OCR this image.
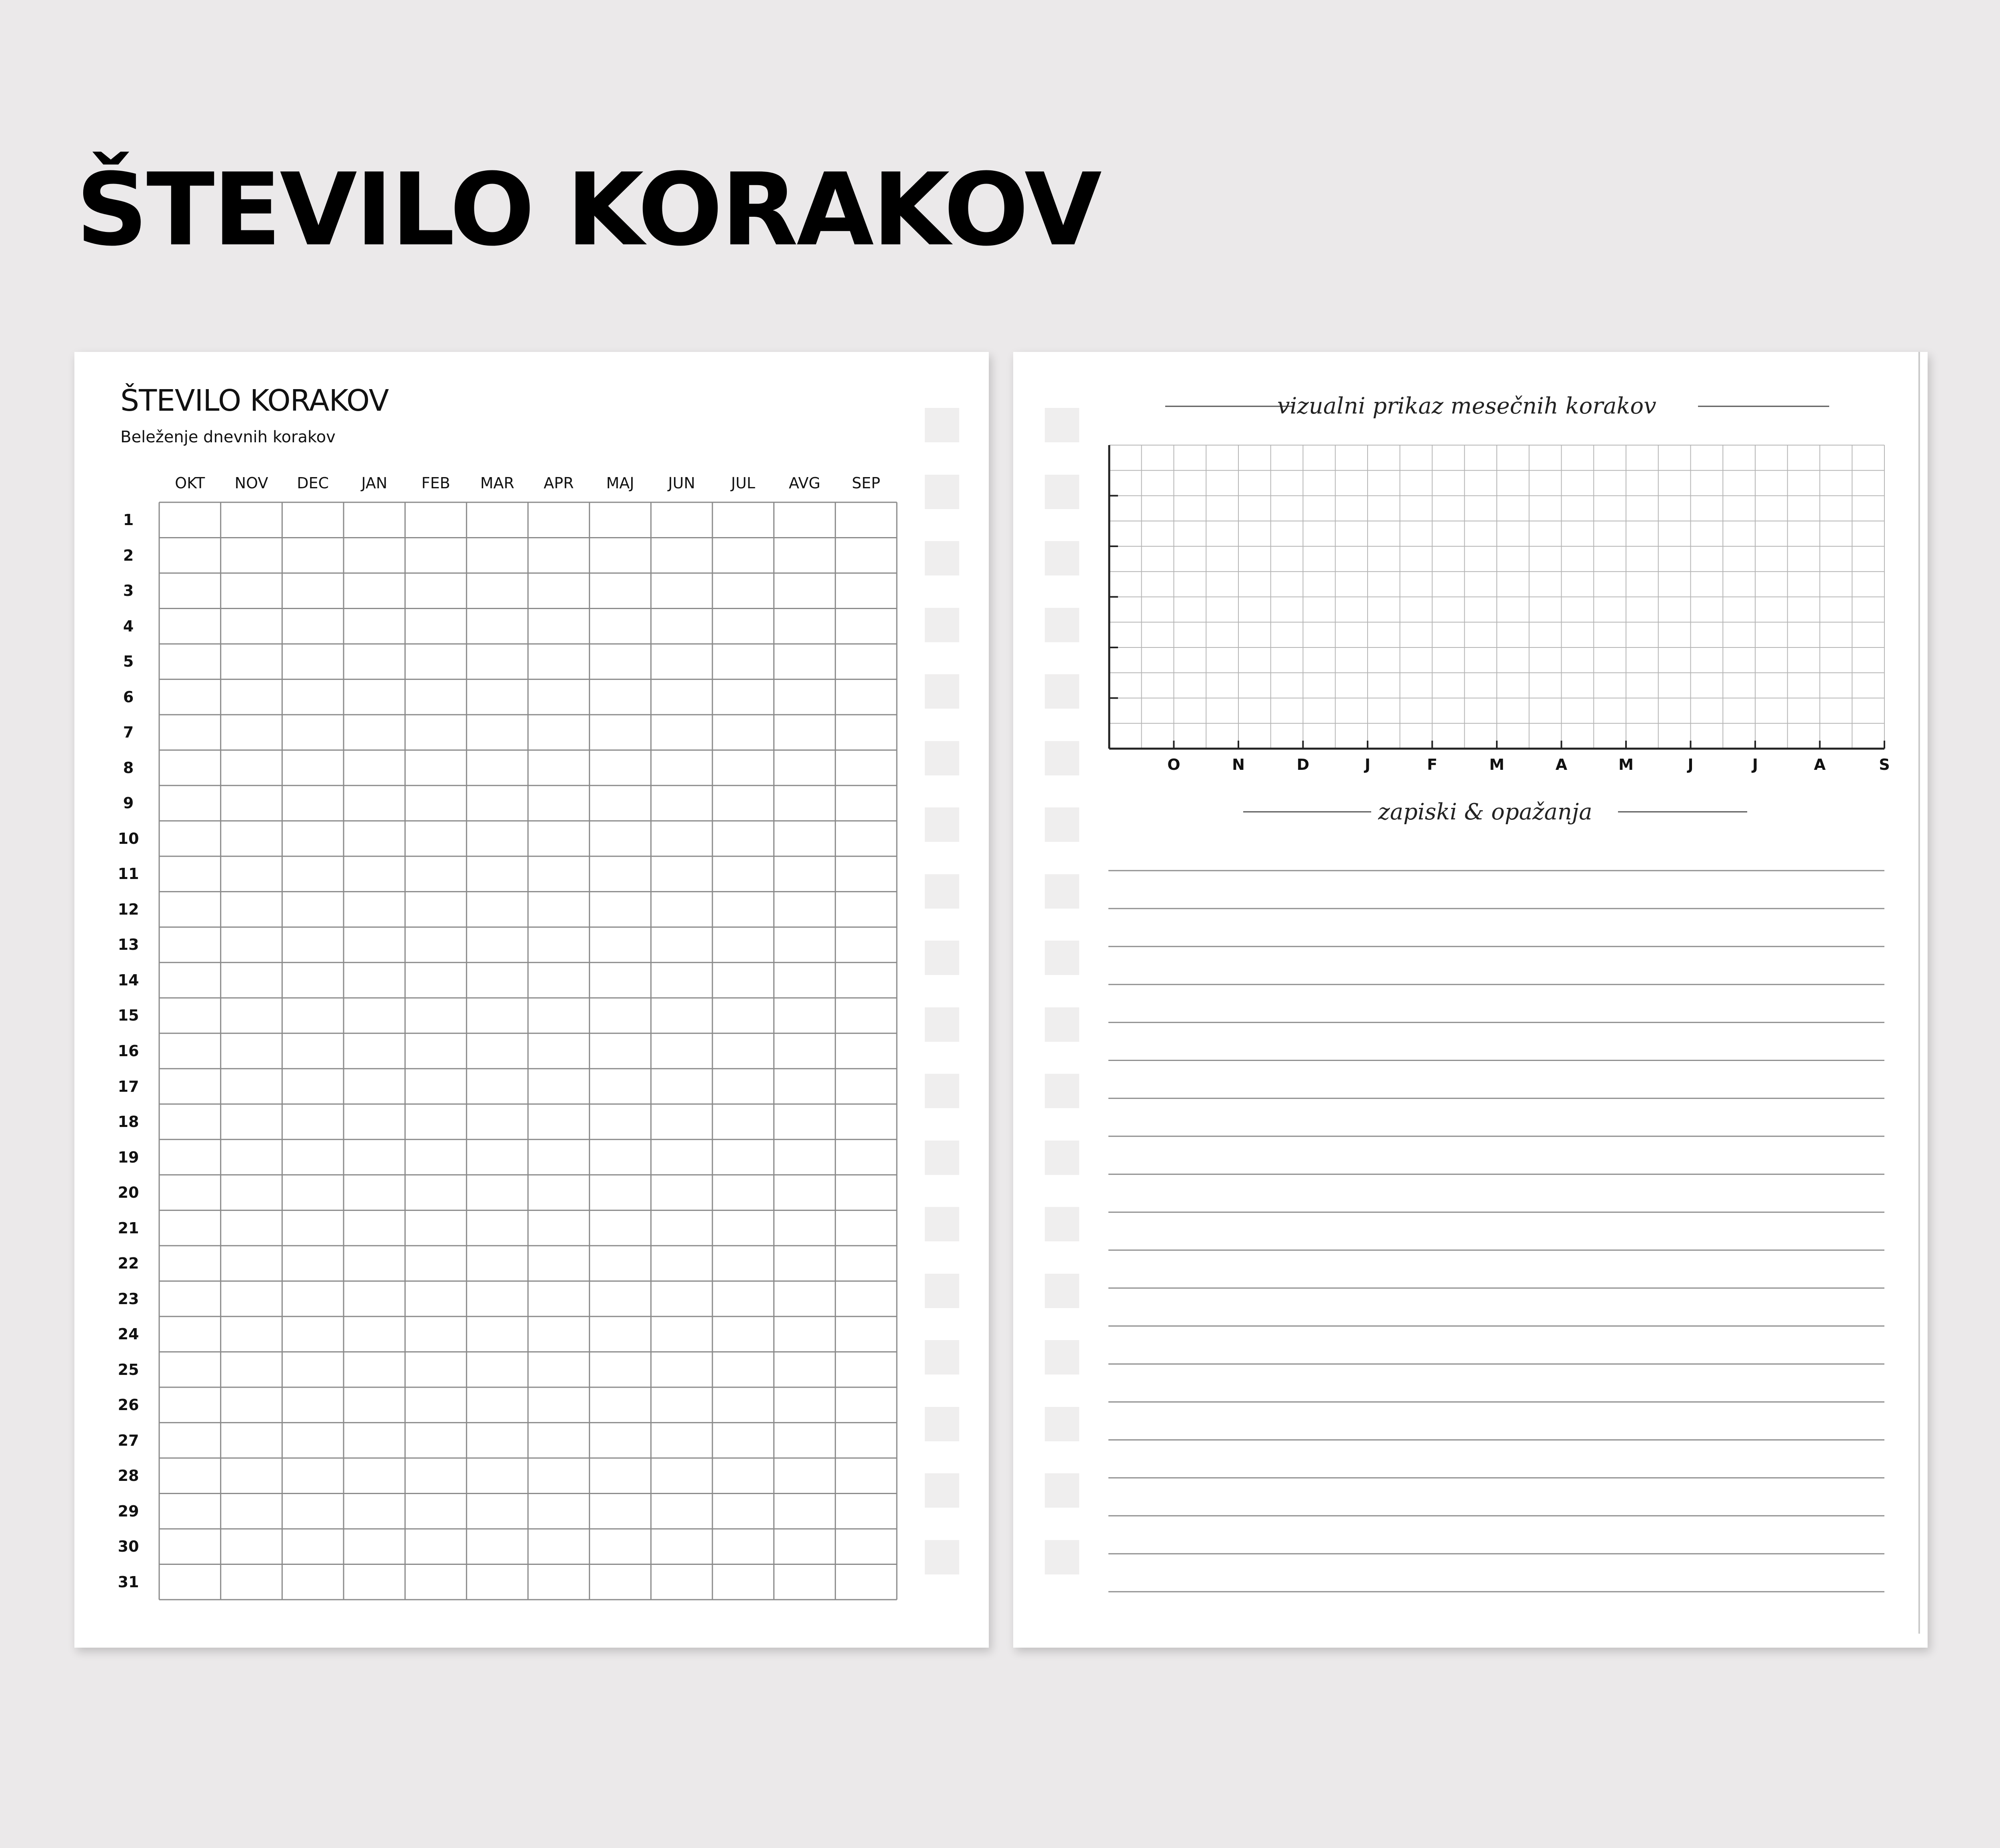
ŠTEVILO KORAKOV
ŠTEVILO KORAKOV
Beleženje dnevnih korakov
OKT	NOV	DEC	JAN	FEB	MAR	APR	MAJ	JUN	JUL	AVG	SEP
1
2
3
4
5
6
7
8
9
10
11
12
13
14
15
16
17
18
19
20
21
22
23
24
25
26
27
28
29
30
31
vizualni prikaz mesečnih korakov
O	N	D	J	F	M	A	M	J	J	A	S
zapiski & opažanja
